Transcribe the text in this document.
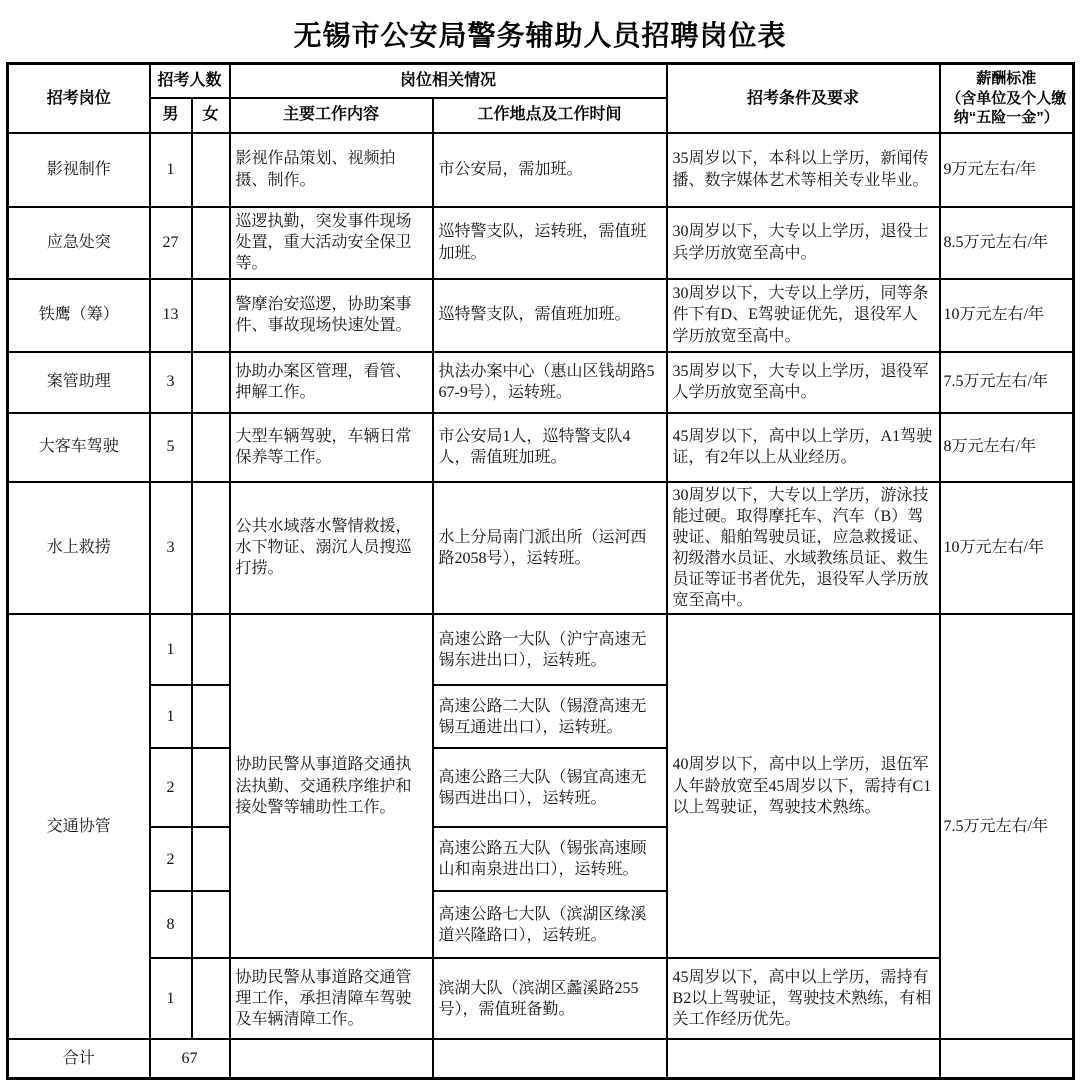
无锡市公安局警务辅助人员招聘岗位表
招考岗位	招考人数		岗位相关情况		招考条件及要求	薪酬标准
（含单位及个人缴纳“五险一金”）

	男	女	主要工作内容	工作地点及工作时间		
影视制作	1		影视作品策划、视频拍摄、制作。	市公安局，需加班。	35周岁以下，本科以上学历，新闻传播、数字媒体艺术等相关专业毕业。	9万元左右/年
应急处突	27		巡逻执勤，突发事件现场处置，重大活动安全保卫等。	巡特警支队，运转班，需值班加班。	30周岁以下，大专以上学历，退役士兵学历放宽至高中。	8.5万元左右/年
铁鹰（筹）	13		警摩治安巡逻，协助案事件、事故现场快速处置。	巡特警支队，需值班加班。	30周岁以下，大专以上学历，同等条件下有D、E驾驶证优先，退役军人学历放宽至高中。	10万元左右/年
案管助理	3		协助办案区管理，看管、押解工作。	执法办案中心（惠山区钱胡路567-9号），运转班。	35周岁以下，大专以上学历，退役军人学历放宽至高中。	7.5万元左右/年
大客车驾驶	5		大型车辆驾驶，车辆日常保养等工作。	市公安局1人，巡特警支队4人，需值班加班。	45周岁以下，高中以上学历，A1驾驶证，有2年以上从业经历。	8万元左右/年
水上救捞	3		公共水域落水警情救援，水下物证、溺沉人员搜巡打捞。	水上分局南门派出所（运河西路2058号），运转班。	30周岁以下，大专以上学历，游泳技能过硬。取得摩托车、汽车（B）驾驶证、船舶驾驶员证，应急救援证、初级潜水员证、水域教练员证、救生员证等证书者优先，退役军人学历放宽至高中。	10万元左右/年
交通协管	1		协助民警从事道路交通执法执勤、交通秩序维护和接处警等辅助性工作。	高速公路一大队（沪宁高速无锡东进出口），运转班。	40周岁以下，高中以上学历，退伍军人年龄放宽至45周岁以下，需持有C1以上驾驶证，驾驶技术熟练。	7.5万元左右/年
	1			高速公路二大队（锡澄高速无锡互通进出口），运转班。		
	2			高速公路三大队（锡宜高速无锡西进出口），运转班。		
	2			高速公路五大队（锡张高速顾山和南泉进出口），运转班。		
	8			高速公路七大队（滨湖区缘溪道兴隆路口），运转班。		
	1		协助民警从事道路交通管理工作，承担清障车驾驶及车辆清障工作。	滨湖大队（滨湖区蠡溪路255号），需值班备勤。	45周岁以下，高中以上学历，需持有B2以上驾驶证，驾驶技术熟练，有相关工作经历优先。	
合计	67					
